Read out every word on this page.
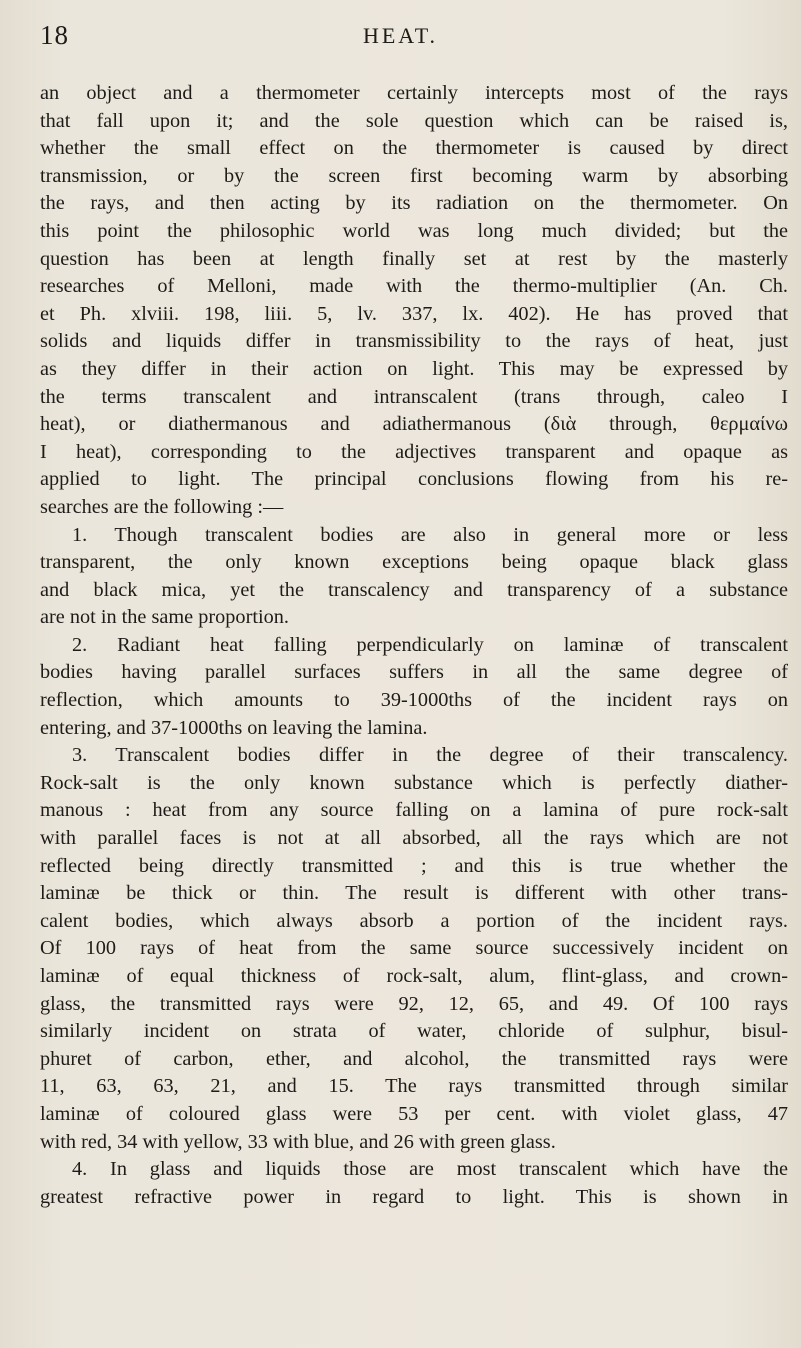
18	HEAT.
an object and a thermometer certainly intercepts most of the rays
that fall upon it; and the sole question which can be raised is,
whether the small effect on the thermometer is caused by direct
transmission, or by the screen first becoming warm by absorbing
the rays, and then acting by its radiation on the thermometer. On
this point the philosophic world was long much divided; but the
question has been at length finally set at rest by the masterly
researches of Melloni, made with the thermo-multiplier (An. Ch.
et Ph. xlviii. 198, liii. 5, lv. 337, lx. 402). He has proved that
solids and liquids differ in transmissibility to the rays of heat, just
as they differ in their action on light. This may be expressed by
the terms transcalent and intranscalent (trans through, caleo I
heat), or diathermanous and adiathermanous (διὰ through, θερμαίνω
I heat), corresponding to the adjectives transparent and opaque as
applied to light. The principal conclusions flowing from his re-
searches are the following :—
1. Though transcalent bodies are also in general more or less
transparent, the only known exceptions being opaque black glass
and black mica, yet the transcalency and transparency of a substance
are not in the same proportion.
2. Radiant heat falling perpendicularly on laminæ of transcalent
bodies having parallel surfaces suffers in all the same degree of
reflection, which amounts to 39-1000ths of the incident rays on
entering, and 37-1000ths on leaving the lamina.
3. Transcalent bodies differ in the degree of their transcalency.
Rock-salt is the only known substance which is perfectly diather-
manous : heat from any source falling on a lamina of pure rock-salt
with parallel faces is not at all absorbed, all the rays which are not
reflected being directly transmitted ; and this is true whether the
laminæ be thick or thin. The result is different with other trans-
calent bodies, which always absorb a portion of the incident rays.
Of 100 rays of heat from the same source successively incident on
laminæ of equal thickness of rock-salt, alum, flint-glass, and crown-
glass, the transmitted rays were 92, 12, 65, and 49. Of 100 rays
similarly incident on strata of water, chloride of sulphur, bisul-
phuret of carbon, ether, and alcohol, the transmitted rays were
11, 63, 63, 21, and 15. The rays transmitted through similar
laminæ of coloured glass were 53 per cent. with violet glass, 47
with red, 34 with yellow, 33 with blue, and 26 with green glass.
4. In glass and liquids those are most transcalent which have the
greatest refractive power in regard to light. This is shown in
